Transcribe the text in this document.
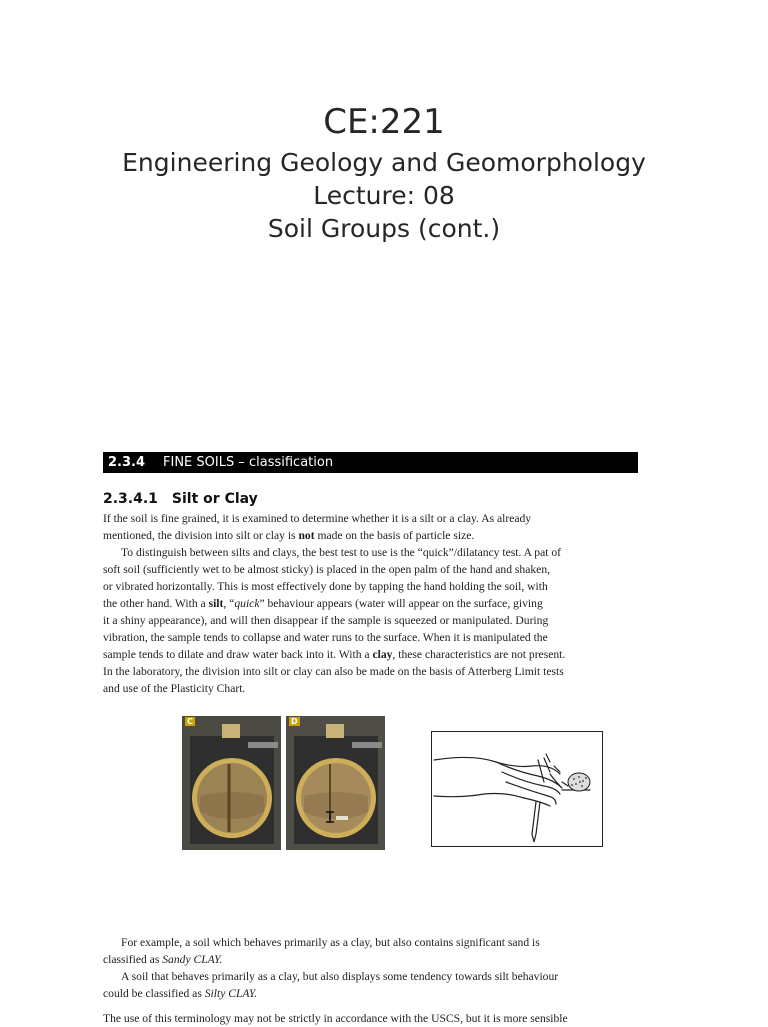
CE:221
Engineering Geology and Geomorphology
Lecture: 08
Soil Groups (cont.)
2.3.4 FINE SOILS – classification
2.3.4.1 Silt or Clay
If the soil is fine grained, it is examined to determine whether it is a silt or a clay. As already
mentioned, the division into silt or clay is not made on the basis of particle size.
To distinguish between silts and clays, the best test to use is the “quick”/dilatancy test. A pat of
soft soil (sufficiently wet to be almost sticky) is placed in the open palm of the hand and shaken,
or vibrated horizontally. This is most effectively done by tapping the hand holding the soil, with
the other hand. With a silt, “quick” behaviour appears (water will appear on the surface, giving
it a shiny appearance), and will then disappear if the sample is squeezed or manipulated. During
vibration, the sample tends to collapse and water runs to the surface. When it is manipulated the
sample tends to dilate and draw water back into it. With a clay, these characteristics are not present.
In the laboratory, the division into silt or clay can also be made on the basis of Atterberg Limit tests
and use of the Plasticity Chart.
C	D
For example, a soil which behaves primarily as a clay, but also contains significant sand is
classified as Sandy CLAY.
A soil that behaves primarily as a clay, but also displays some tendency towards silt behaviour
could be classified as Silty CLAY.
The use of this terminology may not be strictly in accordance with the USCS, but it is more sensible
